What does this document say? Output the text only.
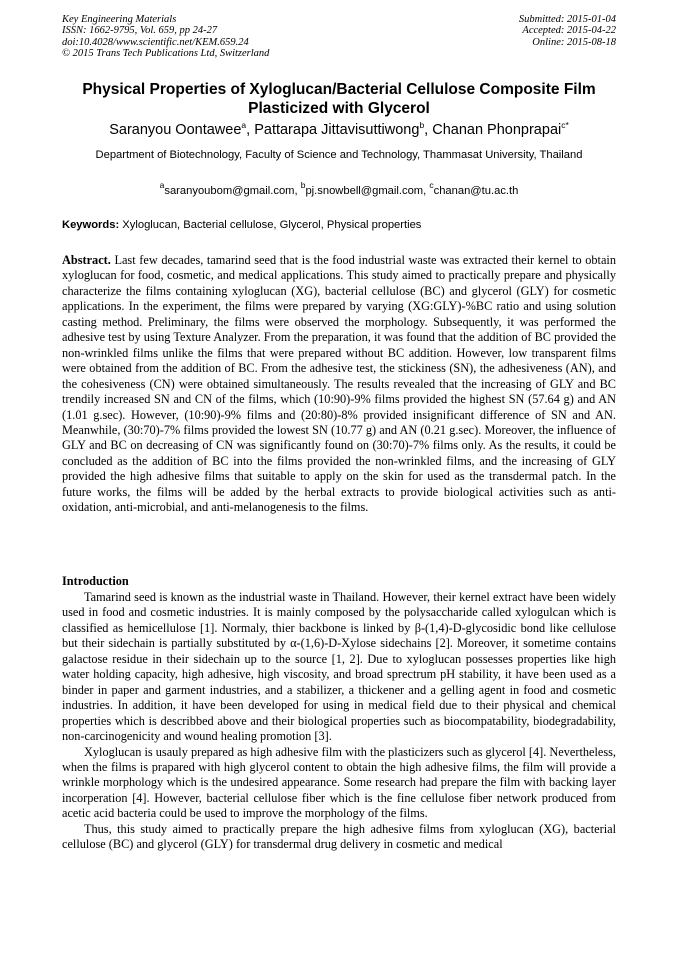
Key Engineering Materials
ISSN: 1662-9795, Vol. 659, pp 24-27
doi:10.4028/www.scientific.net/KEM.659.24
© 2015 Trans Tech Publications Ltd, Switzerland
Submitted: 2015-01-04
Accepted: 2015-04-22
Online: 2015-08-18
Physical Properties of Xyloglucan/Bacterial Cellulose Composite Film Plasticized with Glycerol
Saranyou Oontawee$^a$, Pattarapa Jittavisuttiwong$^b$, Chanan Phonprapai$^{c*}$
Department of Biotechnology, Faculty of Science and Technology, Thammasat University, Thailand
$^a$saranyoubom@gmail.com, $^b$pj.snowbell@gmail.com, $^c$chanan@tu.ac.th
Keywords: Xyloglucan, Bacterial cellulose, Glycerol, Physical properties
Abstract. Last few decades, tamarind seed that is the food industrial waste was extracted their kernel to obtain xyloglucan for food, cosmetic, and medical applications. This study aimed to practically prepare and physically characterize the films containing xyloglucan (XG), bacterial cellulose (BC) and glycerol (GLY) for cosmetic applications. In the experiment, the films were prepared by varying (XG:GLY)-%BC ratio and using solution casting method. Preliminary, the films were observed the morphology. Subsequently, it was performed the adhesive test by using Texture Analyzer. From the preparation, it was found that the addition of BC provided the non-wrinkled films unlike the films that were prepared without BC addition. However, low transparent films were obtained from the addition of BC. From the adhesive test, the stickiness (SN), the adhesiveness (AN), and the cohesiveness (CN) were obtained simultaneously. The results revealed that the increasing of GLY and BC trendily increased SN and CN of the films, which (10:90)-9% films provided the highest SN (57.64 g) and AN (1.01 g.sec). However, (10:90)-9% films and (20:80)-8% provided insignificant difference of SN and AN. Meanwhile, (30:70)-7% films provided the lowest SN (10.77 g) and AN (0.21 g.sec). Moreover, the influence of GLY and BC on decreasing of CN was significantly found on (30:70)-7% films only. As the results, it could be concluded as the addition of BC into the films provided the non-wrinkled films, and the increasing of GLY provided the high adhesive films that suitable to apply on the skin for used as the transdermal patch. In the future works, the films will be added by the herbal extracts to provide biological activities such as anti-oxidation, anti-microbial, and anti-melanogenesis to the films.
Introduction

Tamarind seed is known as the industrial waste in Thailand. However, their kernel extract have been widely used in food and cosmetic industries. It is mainly composed by the polysaccharide called xylogulcan which is classified as hemicellulose [1]. Normaly, thier backbone is linked by β-(1,4)-D-glycosidic bond like cellulose but their sidechain is partially substituted by α-(1,6)-D-Xylose sidechains [2]. Moreover, it sometime contains galactose residue in their sidechain up to the source [1, 2]. Due to xyloglucan possesses properties like high water holding capacity, high adhesive, high viscosity, and broad sprectrum pH stability, it have been used as a binder in paper and garment industries, and a stabilizer, a thickener and a gelling agent in food and cosmetic industries. In addition, it have been developed for using in medical field due to their physical and chemical properties which is describbed above and their biological properties such as biocompatability, biodegradability, non-carcinogenicity and wound healing promotion [3].

Xyloglucan is usauly prepared as high adhesive film with the plasticizers such as glycerol [4]. Nevertheless, when the films is prapared with high glycerol content to obtain the high adhesive films, the film will provide a wrinkle morphology which is the undesired appearance. Some research had prepare the film with backing layer incorperation [4]. However, bacterial cellulose fiber which is the fine cellulose fiber network produced from acetic acid bacteria could be used to improve the morphology of the films.

Thus, this study aimed to practically prepare the high adhesive films from xyloglucan (XG), bacterial cellulose (BC) and glycerol (GLY) for transdermal drug delivery in cosmetic and medical
